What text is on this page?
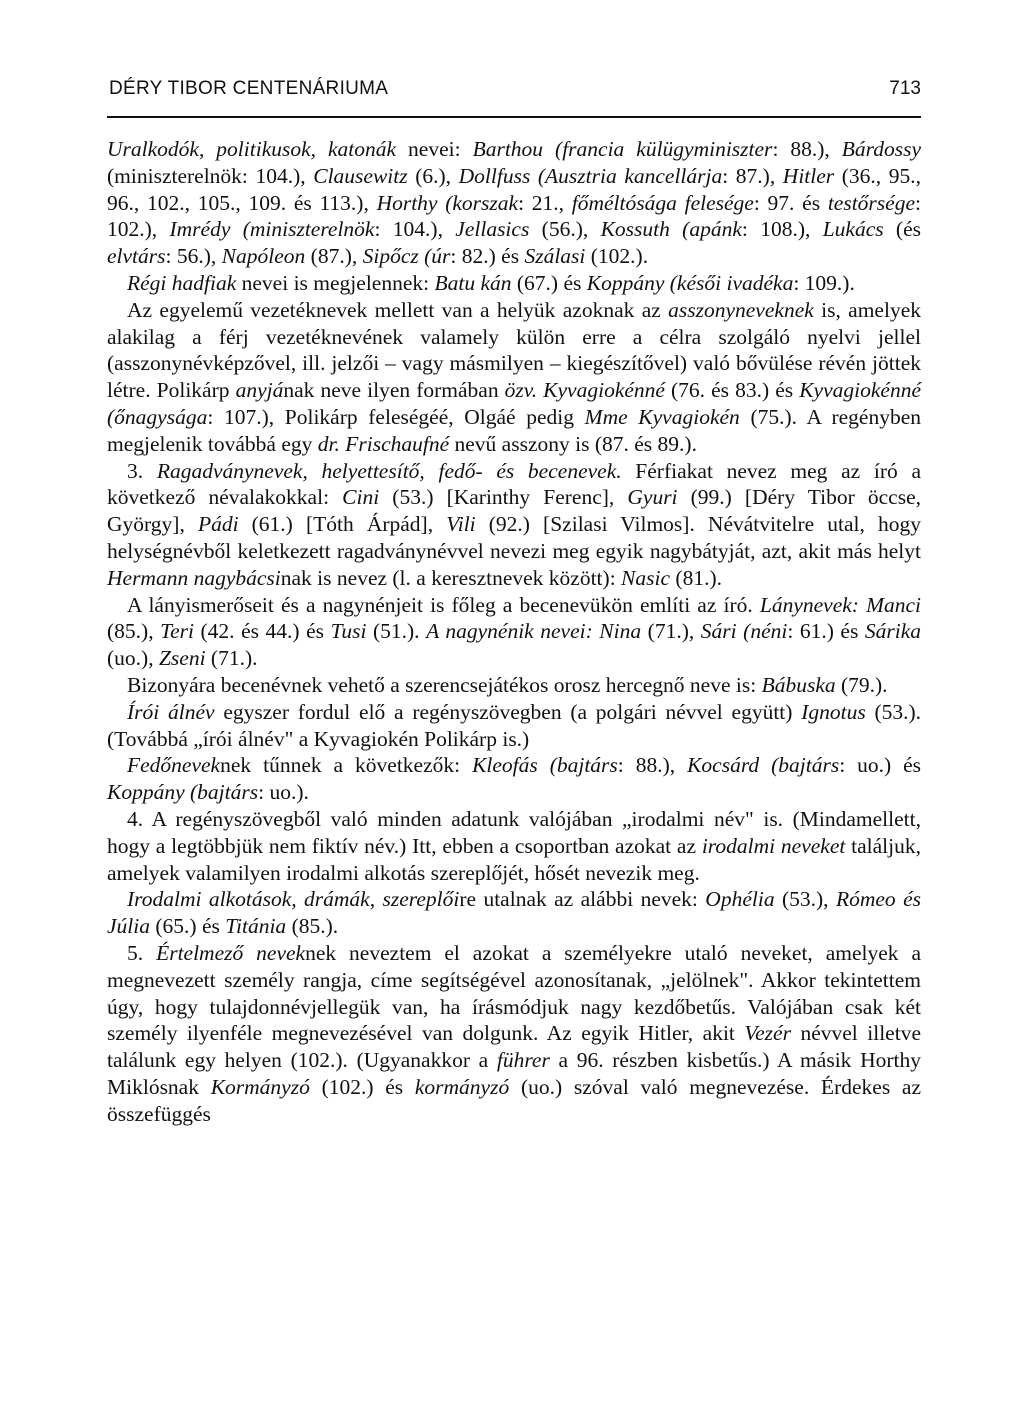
DÉRY TIBOR CENTENÁRIUMA	713

Uralkodók, politikusok, katonák nevei: Barthou (francia külügyminiszter: 88.), Bárdossy (miniszterelnök: 104.), Clausewitz (6.), Dollfuss (Ausztria kancellárja: 87.), Hitler (36., 95., 96., 102., 105., 109. és 113.), Horthy (korszak: 21., főméltósága felesége: 97. és testőrsége: 102.), Imrédy (miniszterelnök: 104.), Jellasics (56.), Kossuth (apánk: 108.), Lukács (és elvtárs: 56.), Napóleon (87.), Sipőcz (úr: 82.) és Szálasi (102.).

Régi hadfiak nevei is megjelennek: Batu kán (67.) és Koppány (késői ivadéka: 109.).

Az egyelemű vezetéknevek mellett van a helyük azoknak az asszonyneveknek is, amelyek alakilag a férj vezetéknevének valamely külön erre a célra szolgáló nyelvi jellel (asszonynévképzővel, ill. jelzői – vagy másmilyen – kiegészítővel) való bővülése révén jöttek létre. Polikárp anyjának neve ilyen formában özv. Kyvagiokénné (76. és 83.) és Kyvagiokénné (őnagysága: 107.), Polikárp feleségéé, Olgáé pedig Mme Kyvagiokén (75.). A regényben megjelenik továbbá egy dr. Frischaufné nevű asszony is (87. és 89.).

3. Ragadványnevek, helyettesítő, fedő- és becenevek. Férfiakat nevez meg az író a következő névalakokkal: Cini (53.) [Karinthy Ferenc], Gyuri (99.) [Déry Tibor öccse, György], Pádi (61.) [Tóth Árpád], Vili (92.) [Szilasi Vilmos]. Névátvitelre utal, hogy helységnévből keletkezett ragadványnévvel nevezi meg egyik nagybátyját, azt, akit más helyt Hermann nagybácsinak is nevez (l. a keresztnevek között): Nasic (81.).

A lányismerőseit és a nagynénjeit is főleg a becenevükön említi az író. Lánynevek: Manci (85.), Teri (42. és 44.) és Tusi (51.). A nagynénik nevei: Nina (71.), Sári (néni: 61.) és Sárika (uo.), Zseni (71.).

Bizonyára becenévnek vehető a szerencsejátékos orosz hercegnő neve is: Bábuska (79.).

Írói álnév egyszer fordul elő a regényszövegben (a polgári névvel együtt) Ignotus (53.). (Továbbá „írói álnév" a Kyvagiokén Polikárp is.)

Fedőneveknek tűnnek a következők: Kleofás (bajtárs: 88.), Kocsárd (bajtárs: uo.) és Koppány (bajtárs: uo.).

4. A regényszövegből való minden adatunk valójában „irodalmi név" is. (Mindamellett, hogy a legtöbbjük nem fiktív név.) Itt, ebben a csoportban azokat az irodalmi neveket találjuk, amelyek valamilyen irodalmi alkotás szereplőjét, hősét nevezik meg.

Irodalmi alkotások, drámák, szereplőire utalnak az alábbi nevek: Ophélia (53.), Rómeo és Júlia (65.) és Titánia (85.).

5. Értelmező neveknek neveztem el azokat a személyekre utaló neveket, amelyek a megnevezett személy rangja, címe segítségével azonosítanak, „jelölnek". Akkor tekintettem úgy, hogy tulajdonnévjellegük van, ha írásmódjuk nagy kezdőbetűs. Valójában csak két személy ilyenféle megnevezésével van dolgunk. Az egyik Hitler, akit Vezér névvel illetve találunk egy helyen (102.). (Ugyanakkor a führer a 96. részben kisbetűs.) A másik Horthy Miklósnak Kormányzó (102.) és kormányzó (uo.) szóval való megnevezése. Érdekes az összefüggés
